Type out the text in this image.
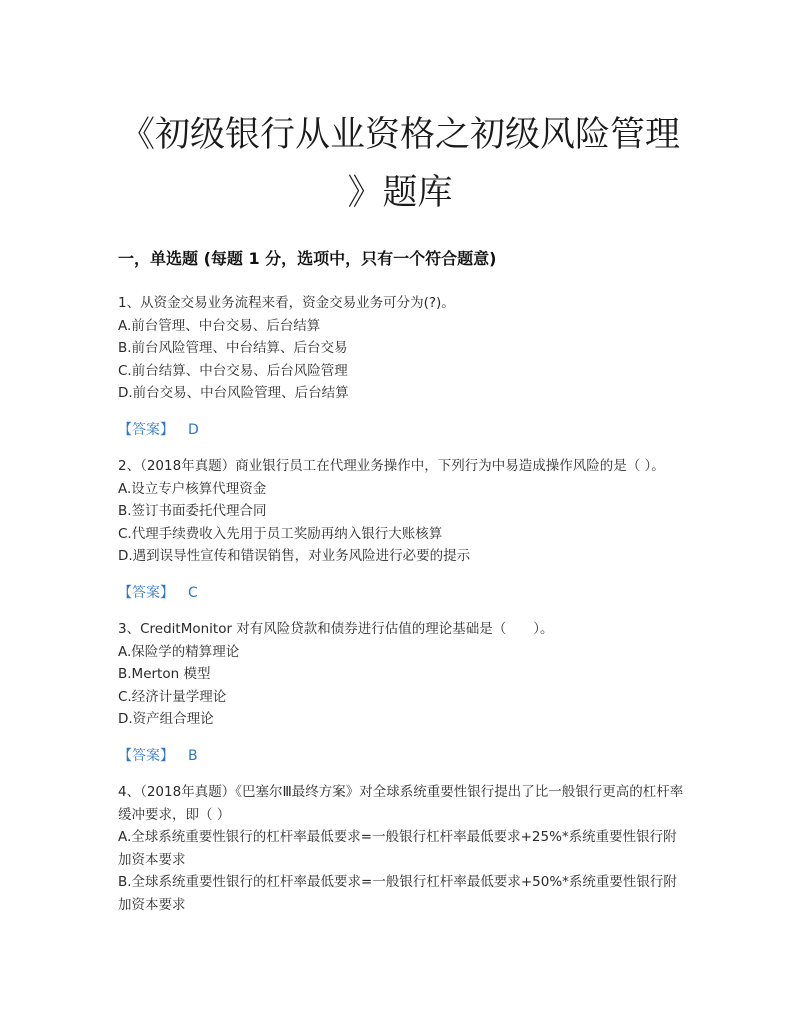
《初级银行从业资格之初级风险管理
》题库
一，单选题 (每题 1 分，选项中，只有一个符合题意)

1、从资金交易业务流程来看，资金交易业务可分为(?)。

A.前台管理、中台交易、后台结算

B.前台风险管理、中台结算、后台交易

C.前台结算、中台交易、后台风险管理

D.前台交易、中台风险管理、后台结算

【答案】 D

2、（2018年真题）商业银行员工在代理业务操作中，下列行为中易造成操作风险的是（ ）。

A.设立专户核算代理资金

B.签订书面委托代理合同

C.代理手续费收入先用于员工奖励再纳入银行大账核算

D.遇到误导性宣传和错误销售，对业务风险进行必要的提示

【答案】 C

3、CreditMonitor 对有风险贷款和债券进行估值的理论基础是（　　）。

A.保险学的精算理论

B.Merton 模型

C.经济计量学理论

D.资产组合理论

【答案】 B

4、（2018年真题）《巴塞尔Ⅲ最终方案》对全球系统重要性银行提出了比一般银行更高的杠杆率缓冲要求，即（ ）

A.全球系统重要性银行的杠杆率最低要求=一般银行杠杆率最低要求+25%*系统重要性银行附加资本要求

B.全球系统重要性银行的杠杆率最低要求=一般银行杠杆率最低要求+50%*系统重要性银行附加资本要求
